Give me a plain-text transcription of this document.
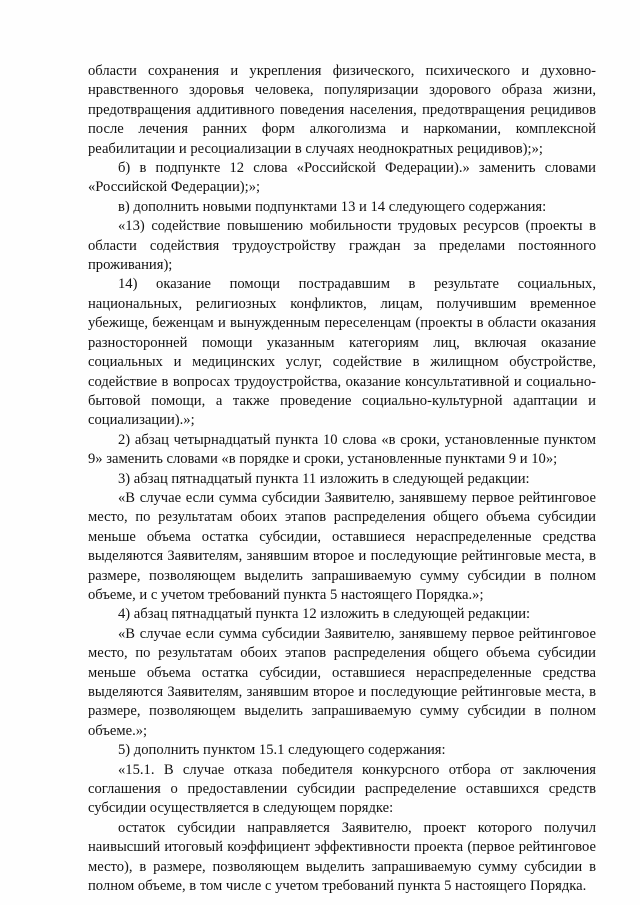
области сохранения и укрепления физического, психического и духовно-нравственного здоровья человека, популяризации здорового образа жизни, предотвращения аддитивного поведения населения, предотвращения рецидивов после лечения ранних форм алкоголизма и наркомании, комплексной реабилитации и ресоциализации в случаях неоднократных рецидивов);»;

б) в подпункте 12 слова «Российской Федерации).» заменить словами «Российской Федерации);»;

в) дополнить новыми подпунктами 13 и 14 следующего содержания:

«13) содействие повышению мобильности трудовых ресурсов (проекты в области содействия трудоустройству граждан за пределами постоянного проживания);

14) оказание помощи пострадавшим в результате социальных, национальных, религиозных конфликтов, лицам, получившим временное убежище, беженцам и вынужденным переселенцам (проекты в области оказания разносторонней помощи указанным категориям лиц, включая оказание социальных и медицинских услуг, содействие в жилищном обустройстве, содействие в вопросах трудоустройства, оказание консультативной и социально-бытовой помощи, а также проведение социально-культурной адаптации и социализации).»;

2) абзац четырнадцатый пункта 10 слова «в сроки, установленные пунктом 9» заменить словами «в порядке и сроки, установленные пунктами 9 и 10»;

3) абзац пятнадцатый пункта 11 изложить в следующей редакции:

«В случае если сумма субсидии Заявителю, занявшему первое рейтинговое место, по результатам обоих этапов распределения общего объема субсидии меньше объема остатка субсидии, оставшиеся нераспределенные средства выделяются Заявителям, занявшим второе и последующие рейтинговые места, в размере, позволяющем выделить запрашиваемую сумму субсидии в полном объеме, и с учетом требований пункта 5 настоящего Порядка.»;

4) абзац пятнадцатый пункта 12 изложить в следующей редакции:

«В случае если сумма субсидии Заявителю, занявшему первое рейтинговое место, по результатам обоих этапов распределения общего объема субсидии меньше объема остатка субсидии, оставшиеся нераспределенные средства выделяются Заявителям, занявшим второе и последующие рейтинговые места, в размере, позволяющем выделить запрашиваемую сумму субсидии в полном объеме.»;

5) дополнить пунктом 15.1 следующего содержания:

«15.1. В случае отказа победителя конкурсного отбора от заключения соглашения о предоставлении субсидии распределение оставшихся средств субсидии осуществляется в следующем порядке:

остаток субсидии направляется Заявителю, проект которого получил наивысший итоговый коэффициент эффективности проекта (первое рейтинговое место), в размере, позволяющем выделить запрашиваемую сумму субсидии в полном объеме, в том числе с учетом требований пункта 5 настоящего Порядка.
